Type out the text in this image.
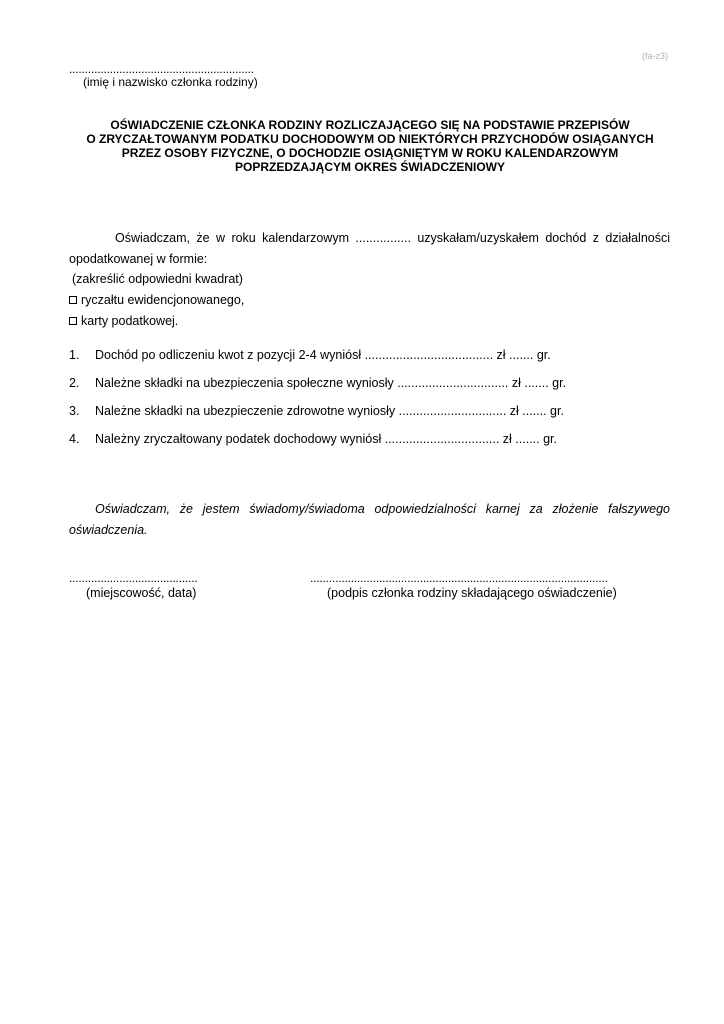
(fa-z3)
...........................................................
(imię i nazwisko członka rodziny)
OŚWIADCZENIE CZŁONKA RODZINY ROZLICZAJĄCEGO SIĘ NA PODSTAWIE PRZEPISÓW
O ZRYCZAŁTOWANYM PODATKU DOCHODOWYM OD NIEKTÓRYCH PRZYCHODÓW OSIĄGANYCH
PRZEZ OSOBY FIZYCZNE, O DOCHODZIE OSIĄGNIĘTYM W ROKU KALENDARZOWYM
POPRZEDZAJĄCYM OKRES ŚWIADCZENIOWY
Oświadczam, że w roku kalendarzowym ................ uzyskałam/uzyskałem dochód z działalności opodatkowanej w formie:
(zakreślić odpowiedni kwadrat)
ryczałtu ewidencjonowanego,
karty podatkowej.
1.	Dochód po odliczeniu kwot z pozycji 2-4 wyniósł ..................................... zł ....... gr.
2.	Należne składki na ubezpieczenia społeczne wyniosły ................................ zł ....... gr.
3.	Należne składki na ubezpieczenie zdrowotne wyniosły ............................... zł ....... gr.
4.	Należny zryczałtowany podatek dochodowy wyniósł ................................. zł ....... gr.
Oświadczam, że jestem świadomy/świadoma odpowiedzialności karnej za złożenie fałszywego oświadczenia.
.........................................
(miejscowość, data)
...............................................................................................
(podpis członka rodziny składającego oświadczenie)
